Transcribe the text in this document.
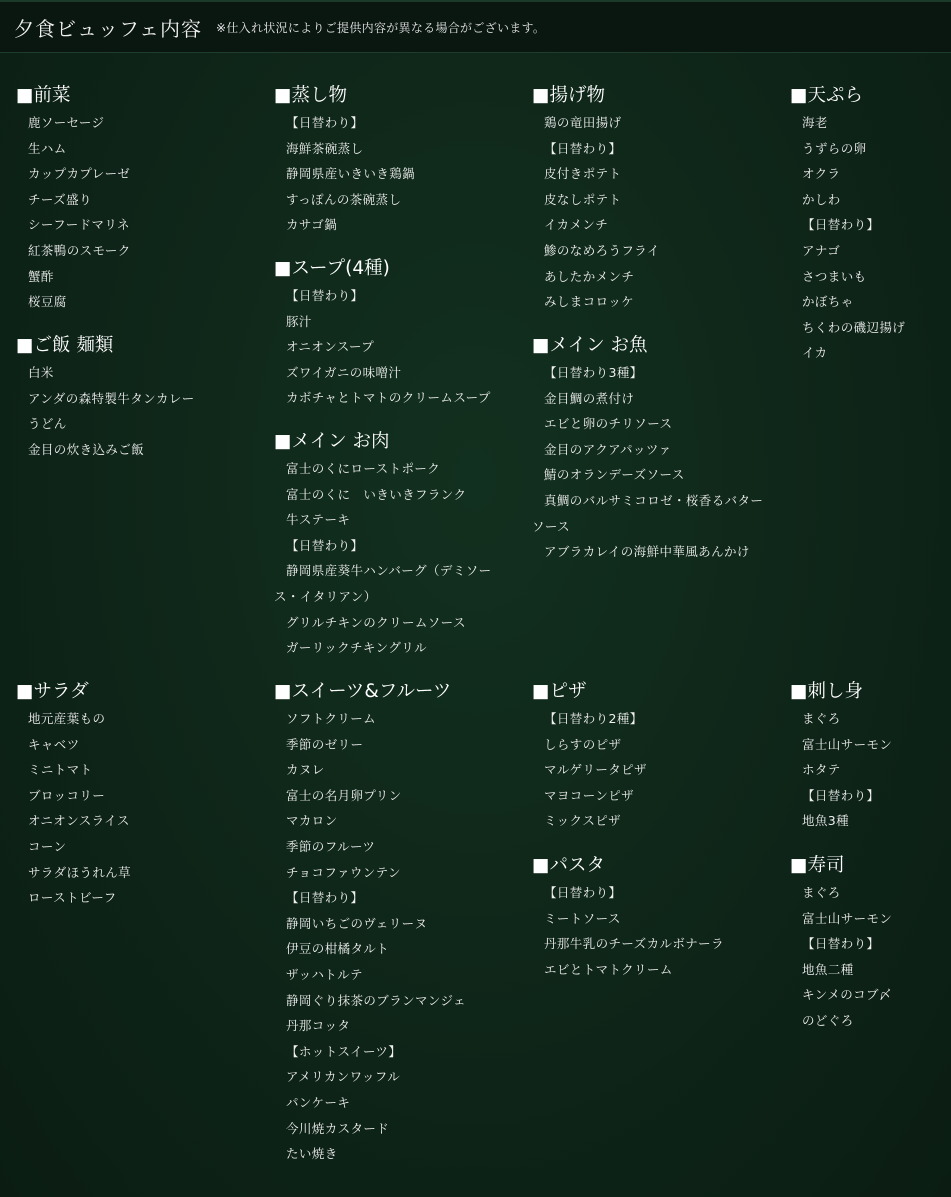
夕食ビュッフェ内容 ※仕入れ状況によりご提供内容が異なる場合がございます。
■前菜
鹿ソーセージ
生ハム
カップカプレーゼ
チーズ盛り
シーフードマリネ
紅茶鴨のスモーク
蟹酢
桜豆腐
■ご飯 麺類
白米
アンダの森特製牛タンカレー
うどん
金目の炊き込みご飯
■サラダ
地元産葉もの
キャベツ
ミニトマト
ブロッコリー
オニオンスライス
コーン
サラダほうれん草
ローストビーフ
■蒸し物
【日替わり】
海鮮茶碗蒸し
静岡県産いきいき鶏鍋
すっぽんの茶碗蒸し
カサゴ鍋
■スープ(4種)
【日替わり】
豚汁
オニオンスープ
ズワイガニの味噌汁
カボチャとトマトのクリームスープ
■メイン お肉
富士のくにローストポーク
富士のくに　いきいきフランク
牛ステーキ
【日替わり】
静岡県産葵牛ハンバーグ（デミソー
ス・イタリアン）
グリルチキンのクリームソース
ガーリックチキングリル
■スイーツ&フルーツ
ソフトクリーム
季節のゼリー
カヌレ
富士の名月卵プリン
マカロン
季節のフルーツ
チョコファウンテン
【日替わり】
静岡いちごのヴェリーヌ
伊豆の柑橘タルト
ザッハトルテ
静岡ぐり抹茶のブランマンジェ
丹那コッタ
【ホットスイーツ】
アメリカンワッフル
パンケーキ
今川焼カスタード
たい焼き
■揚げ物
鶏の竜田揚げ
【日替わり】
皮付きポテト
皮なしポテト
イカメンチ
鯵のなめろうフライ
あしたかメンチ
みしまコロッケ
■メイン お魚
【日替わり3種】
金目鯛の煮付け
エビと卵のチリソース
金目のアクアパッツァ
鯖のオランデーズソース
真鯛のバルサミコロゼ・桜香るバター
ソース
アブラカレイの海鮮中華風あんかけ
■ピザ
【日替わり2種】
しらすのピザ
マルゲリータピザ
マヨコーンピザ
ミックスピザ
■パスタ
【日替わり】
ミートソース
丹那牛乳のチーズカルボナーラ
エビとトマトクリーム
■天ぷら
海老
うずらの卵
オクラ
かしわ
【日替わり】
アナゴ
さつまいも
かぼちゃ
ちくわの磯辺揚げ
イカ
■刺し身
まぐろ
富士山サーモン
ホタテ
【日替わり】
地魚3種
■寿司
まぐろ
富士山サーモン
【日替わり】
地魚二種
キンメのコブ〆
のどぐろ
